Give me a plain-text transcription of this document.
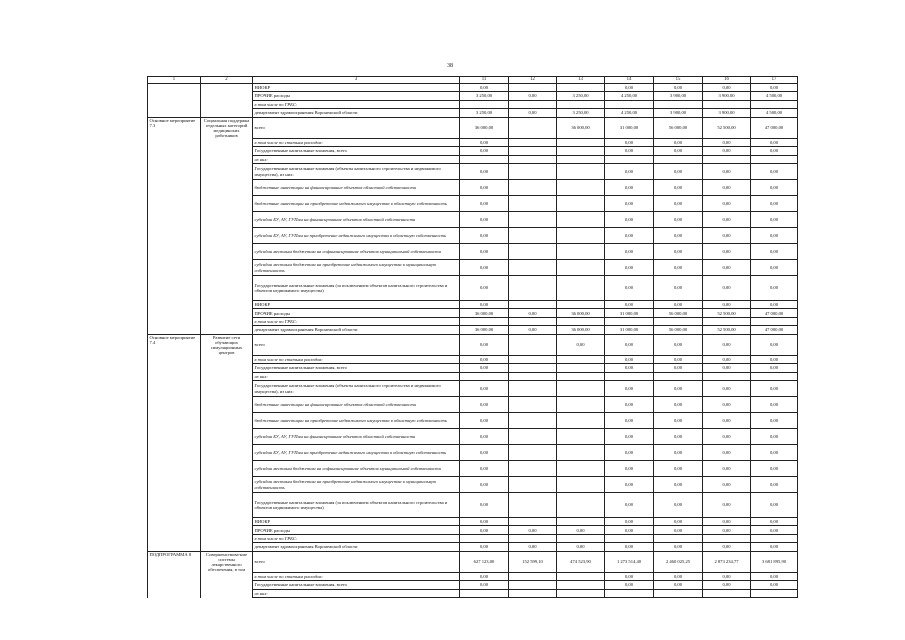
38
1	2	3	11	12	13	14	15	16	17
		НИОКР	0,00			0,00	0,00	0,00	0,00
		ПРОЧИЕ расходы	3 250,00	0,00	3 250,00	4 250,00	3 900,00	3 900,00	4 500,00
		в том числе по ГРБС:							
		департамент здравоохранения Воронежской области	3 250,00	0,00	3 250,00	4 250,00	3 900,00	3 900,00	4 500,00
Основное мероприятие 7.3	Социальная поддержка отдельных категорий медицинских работников	всего	36 000,00		36 000,00	31 000,00	56 000,00	52 500,00	47 000,00
		в том числе по статьям расходов:	0,00			0,00	0,00	0,00	0,00
		Государственные капитальные вложения, всего	0,00			0,00	0,00	0,00	0,00
		из них:							
		Государственные капитальные вложения (объекты капитального строительства и недвижимого имущества), из них:	0,00			0,00	0,00	0,00	0,00
		бюджетные инвестиции на финансирование объектов областной собственности	0,00			0,00	0,00	0,00	0,00
		бюджетные инвестиции на приобретение недвижимого имущества в областную собственность	0,00			0,00	0,00	0,00	0,00
		субсидии БУ, АУ, ГУПам на финансирование объектов областной собственности	0,00			0,00	0,00	0,00	0,00
		субсидии БУ, АУ, ГУПам на приобретение недвижимого имущества в областную собственность	0,00			0,00	0,00	0,00	0,00
		субсидии местным бюджетам на софинансирование объектов муниципальной собственности	0,00			0,00	0,00	0,00	0,00
		субсидии местным бюджетам на приобретение недвижимого имущества в муниципальную собственность	0,00			0,00	0,00	0,00	0,00
		Государственные капитальные вложения (за исключением объектов капитального строительства и объектов недвижимого имущества)	0,00			0,00	0,00	0,00	0,00
		НИОКР	0,00			0,00	0,00	0,00	0,00
		ПРОЧИЕ расходы	36 000,00	0,00	36 000,00	31 000,00	56 000,00	52 500,00	47 000,00
		в том числе по ГРБС:							
		департамент здравоохранения Воронежской области	36 000,00	0,00	36 000,00	31 000,00	56 000,00	52 500,00	47 000,00
Основное мероприятие 7.4	Развитие сети обучающих симуляционных центров	всего	0,00		0,00	0,00	0,00	0,00	0,00
		в том числе по статьям расходов:	0,00			0,00	0,00	0,00	0,00
		Государственные капитальные вложения, всего	0,00			0,00	0,00	0,00	0,00
		из них:							
		Государственные капитальные вложения (объекты капитального строительства и недвижимого имущества), из них:	0,00			0,00	0,00	0,00	0,00
		бюджетные инвестиции на финансирование объектов областной собственности	0,00			0,00	0,00	0,00	0,00
		бюджетные инвестиции на приобретение недвижимого имущества в областную собственность	0,00			0,00	0,00	0,00	0,00
		субсидии БУ, АУ, ГУПам на финансирование объектов областной собственности	0,00			0,00	0,00	0,00	0,00
		субсидии БУ, АУ, ГУПам на приобретение недвижимого имущества в областную собственность	0,00			0,00	0,00	0,00	0,00
		субсидии местным бюджетам на софинансирование объектов муниципальной собственности	0,00			0,00	0,00	0,00	0,00
		субсидии местным бюджетам на приобретение недвижимого имущества в муниципальную собственность	0,00			0,00	0,00	0,00	0,00
		Государственные капитальные вложения (за исключением объектов капитального строительства и объектов недвижимого имущества)	0,00			0,00	0,00	0,00	0,00
		НИОКР	0,00			0,00	0,00	0,00	0,00
		ПРОЧИЕ расходы	0,00	0,00	0,00	0,00	0,00	0,00	0,00
		в том числе по ГРБС:							
		департамент здравоохранения Воронежской области	0,00	0,00	0,00	0,00	0,00	0,00	0,00
ПОДПРОГРАММА 8	Совершенствова-ние системы лекарственного обеспечения, в том	всего	627 123,00	152 599,10	474 523,90	1 273 514,40	2 460 025,25	2 873 234,77	3 681 895,90
		в том числе по статьям расходов:	0,00			0,00	0,00	0,00	0,00
		Государственные капитальные вложения, всего	0,00			0,00	0,00	0,00	0,00
		из них:							
